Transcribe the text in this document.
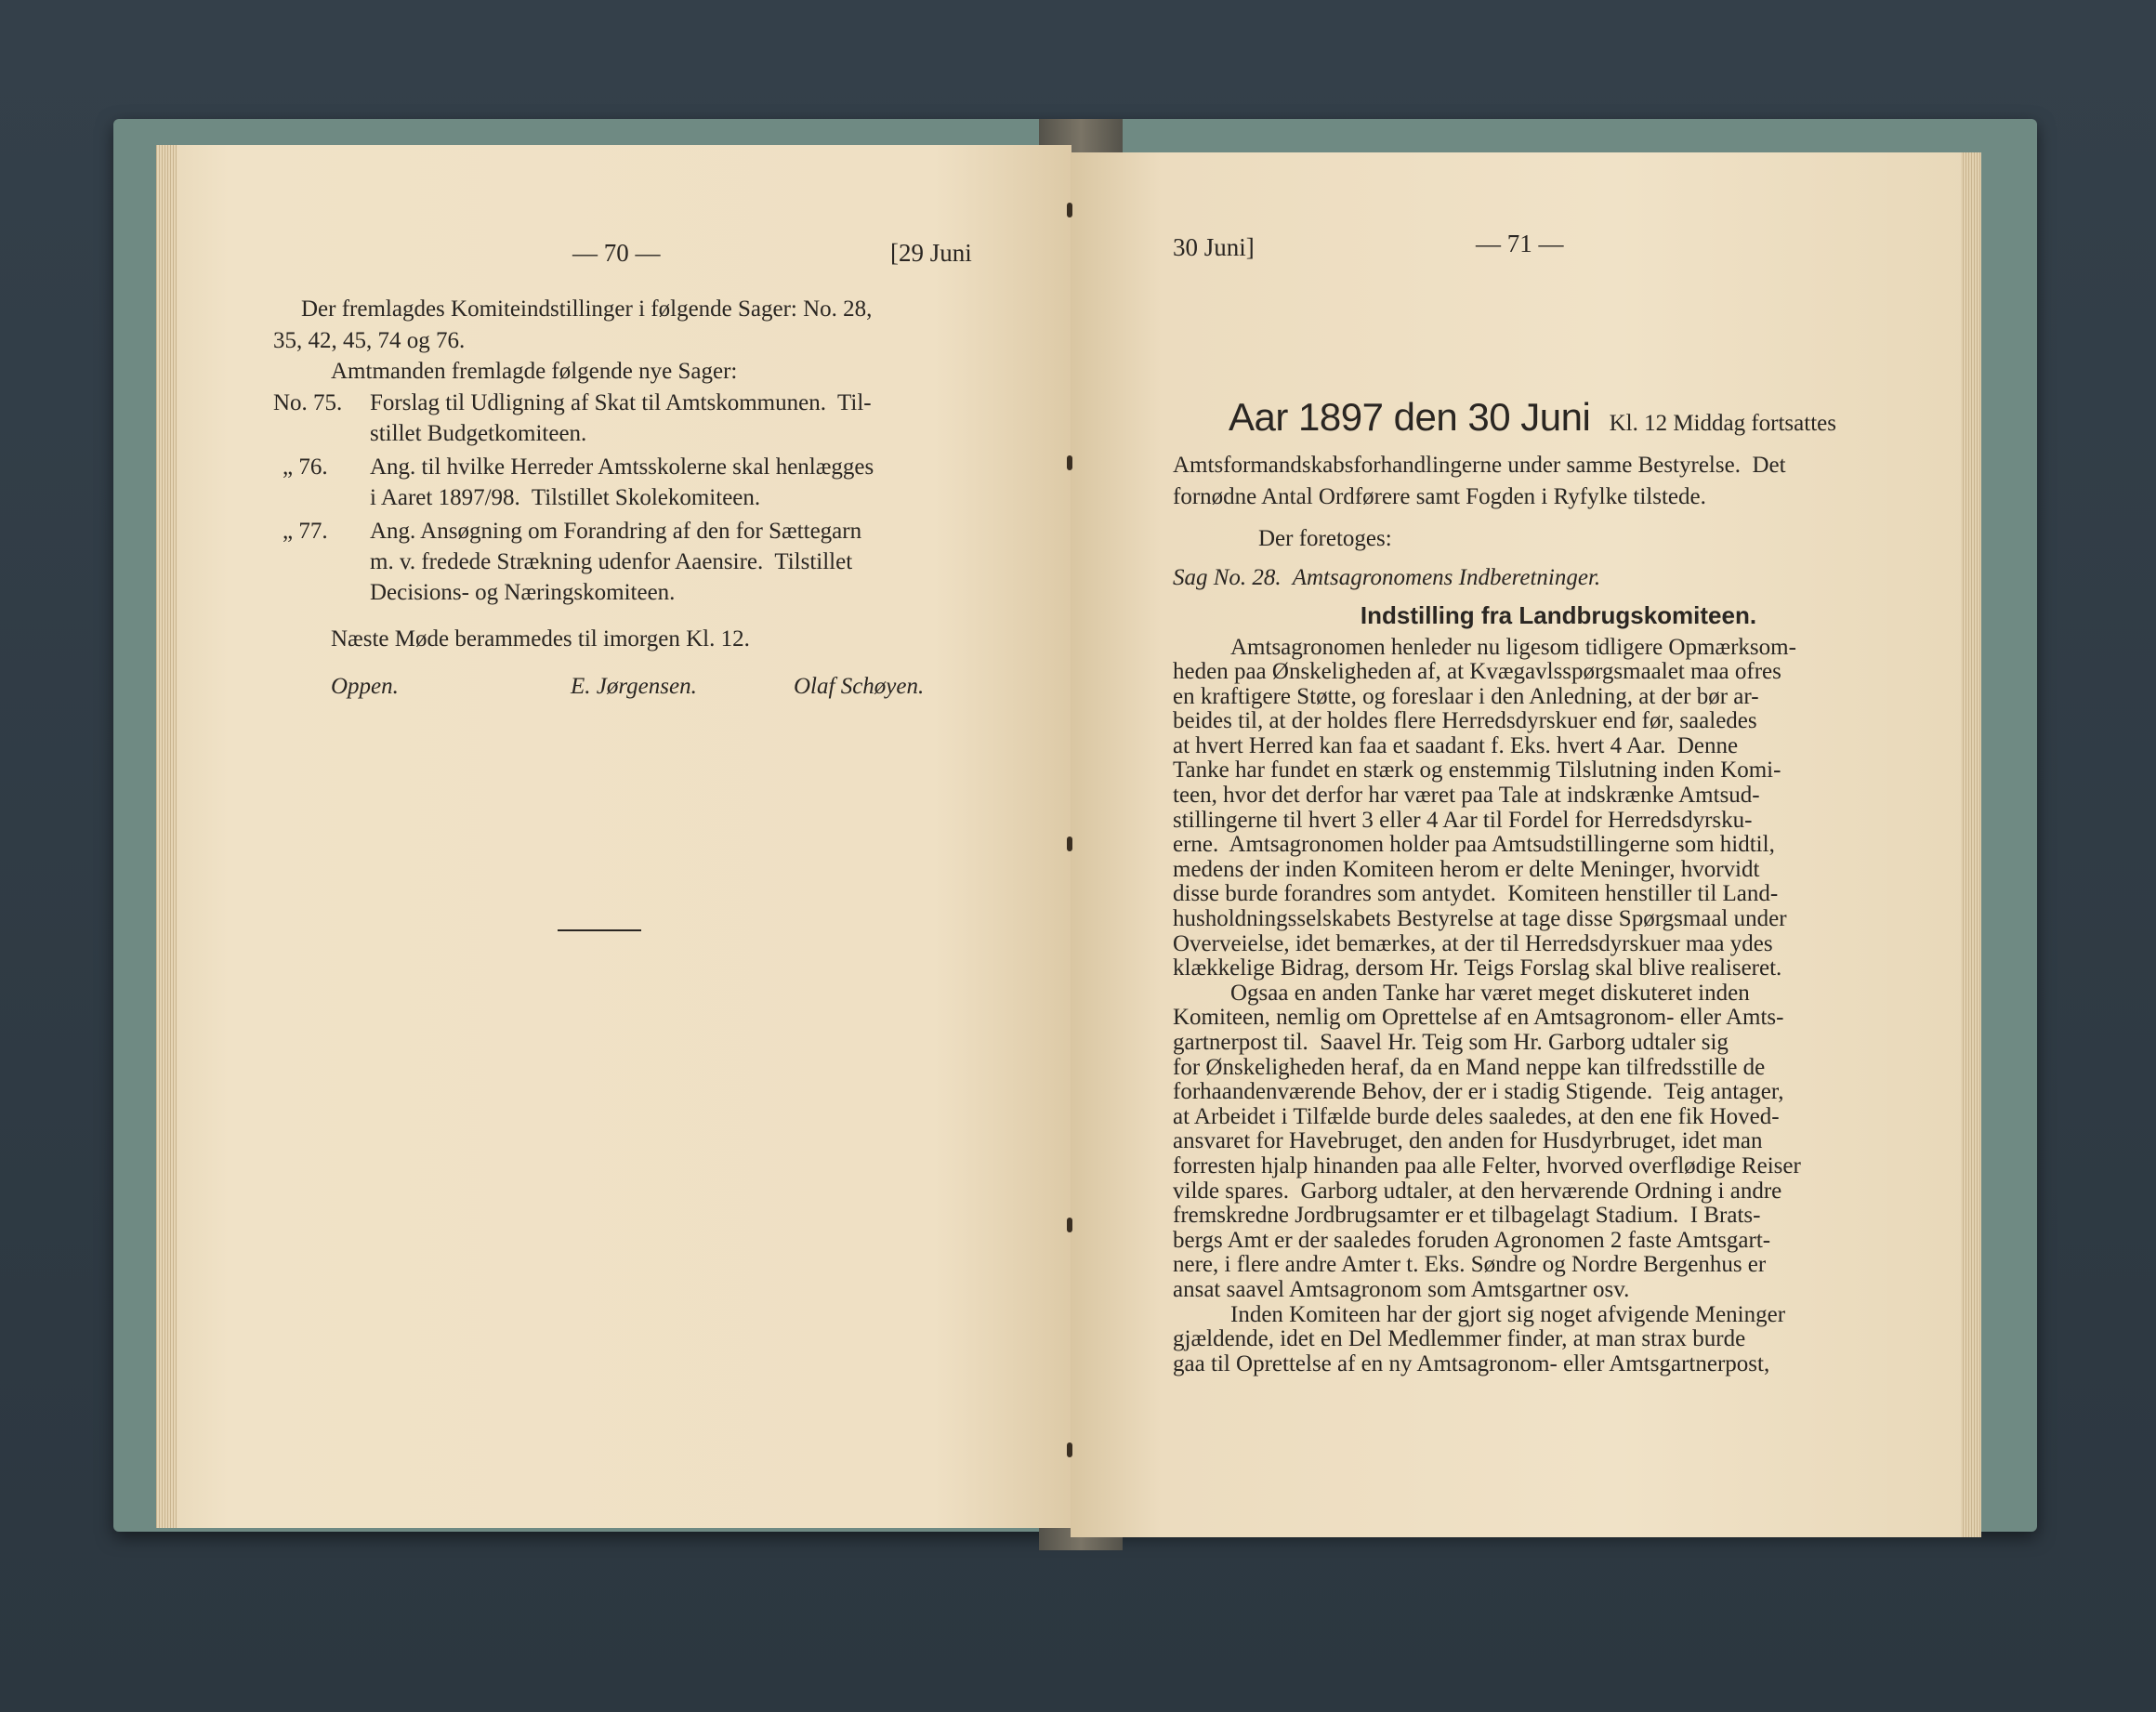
— 70 —	[29 Juni
Der fremlagdes Komiteindstillinger i følgende Sager: No. 28,
35, 42, 45, 74 og 76.
Amtmanden fremlagde følgende nye Sager:
No. 75. Forslag til Udligning af Skat til Amtskommunen.  Til-
stillet Budgetkomiteen.
„ 76. Ang. til hvilke Herreder Amtsskolerne skal henlægges
i Aaret 1897/98.  Tilstillet Skolekomiteen.
„ 77. Ang. Ansøgning om Forandring af den for Sættegarn
m. v. fredede Strækning udenfor Aaensire.  Tilstillet
Decisions- og Næringskomiteen.
Næste Møde berammedes til imorgen Kl. 12.
Oppen.	E. Jørgensen.	Olaf Schøyen.
30 Juni]	— 71 —
Aar 1897 den 30 Juni Kl. 12 Middag fortsattes
Amtsformandskabsforhandlingerne under samme Bestyrelse.  Det
fornødne Antal Ordførere samt Fogden i Ryfylke tilstede.
Der foretoges:
Sag No. 28.  Amtsagronomens Indberetninger.
Indstilling fra Landbrugskomiteen.
Amtsagronomen henleder nu ligesom tidligere Opmærksom-
heden paa Ønskeligheden af, at Kvægavlsspørgsmaalet maa ofres
en kraftigere Støtte, og foreslaar i den Anledning, at der bør ar-
beides til, at der holdes flere Herredsdyrskuer end før, saaledes
at hvert Herred kan faa et saadant f. Eks. hvert 4 Aar.  Denne
Tanke har fundet en stærk og enstemmig Tilslutning inden Komi-
teen, hvor det derfor har været paa Tale at indskrænke Amtsud-
stillingerne til hvert 3 eller 4 Aar til Fordel for Herredsdyrsku-
erne.  Amtsagronomen holder paa Amtsudstillingerne som hidtil,
medens der inden Komiteen herom er delte Meninger, hvorvidt
disse burde forandres som antydet.  Komiteen henstiller til Land-
husholdningsselskabets Bestyrelse at tage disse Spørgsmaal under
Overveielse, idet bemærkes, at der til Herredsdyrskuer maa ydes
klækkelige Bidrag, dersom Hr. Teigs Forslag skal blive realiseret.
Ogsaa en anden Tanke har været meget diskuteret inden
Komiteen, nemlig om Oprettelse af en Amtsagronom- eller Amts-
gartnerpost til.  Saavel Hr. Teig som Hr. Garborg udtaler sig
for Ønskeligheden heraf, da en Mand neppe kan tilfredsstille de
forhaandenværende Behov, der er i stadig Stigende.  Teig antager,
at Arbeidet i Tilfælde burde deles saaledes, at den ene fik Hoved-
ansvaret for Havebruget, den anden for Husdyrbruget, idet man
forresten hjalp hinanden paa alle Felter, hvorved overflødige Reiser
vilde spares.  Garborg udtaler, at den herværende Ordning i andre
fremskredne Jordbrugsamter er et tilbagelagt Stadium.  I Brats-
bergs Amt er der saaledes foruden Agronomen 2 faste Amtsgart-
nere, i flere andre Amter t. Eks. Søndre og Nordre Bergenhus er
ansat saavel Amtsagronom som Amtsgartner osv.
Inden Komiteen har der gjort sig noget afvigende Meninger
gjældende, idet en Del Medlemmer finder, at man strax burde
gaa til Oprettelse af en ny Amtsagronom- eller Amtsgartnerpost,
